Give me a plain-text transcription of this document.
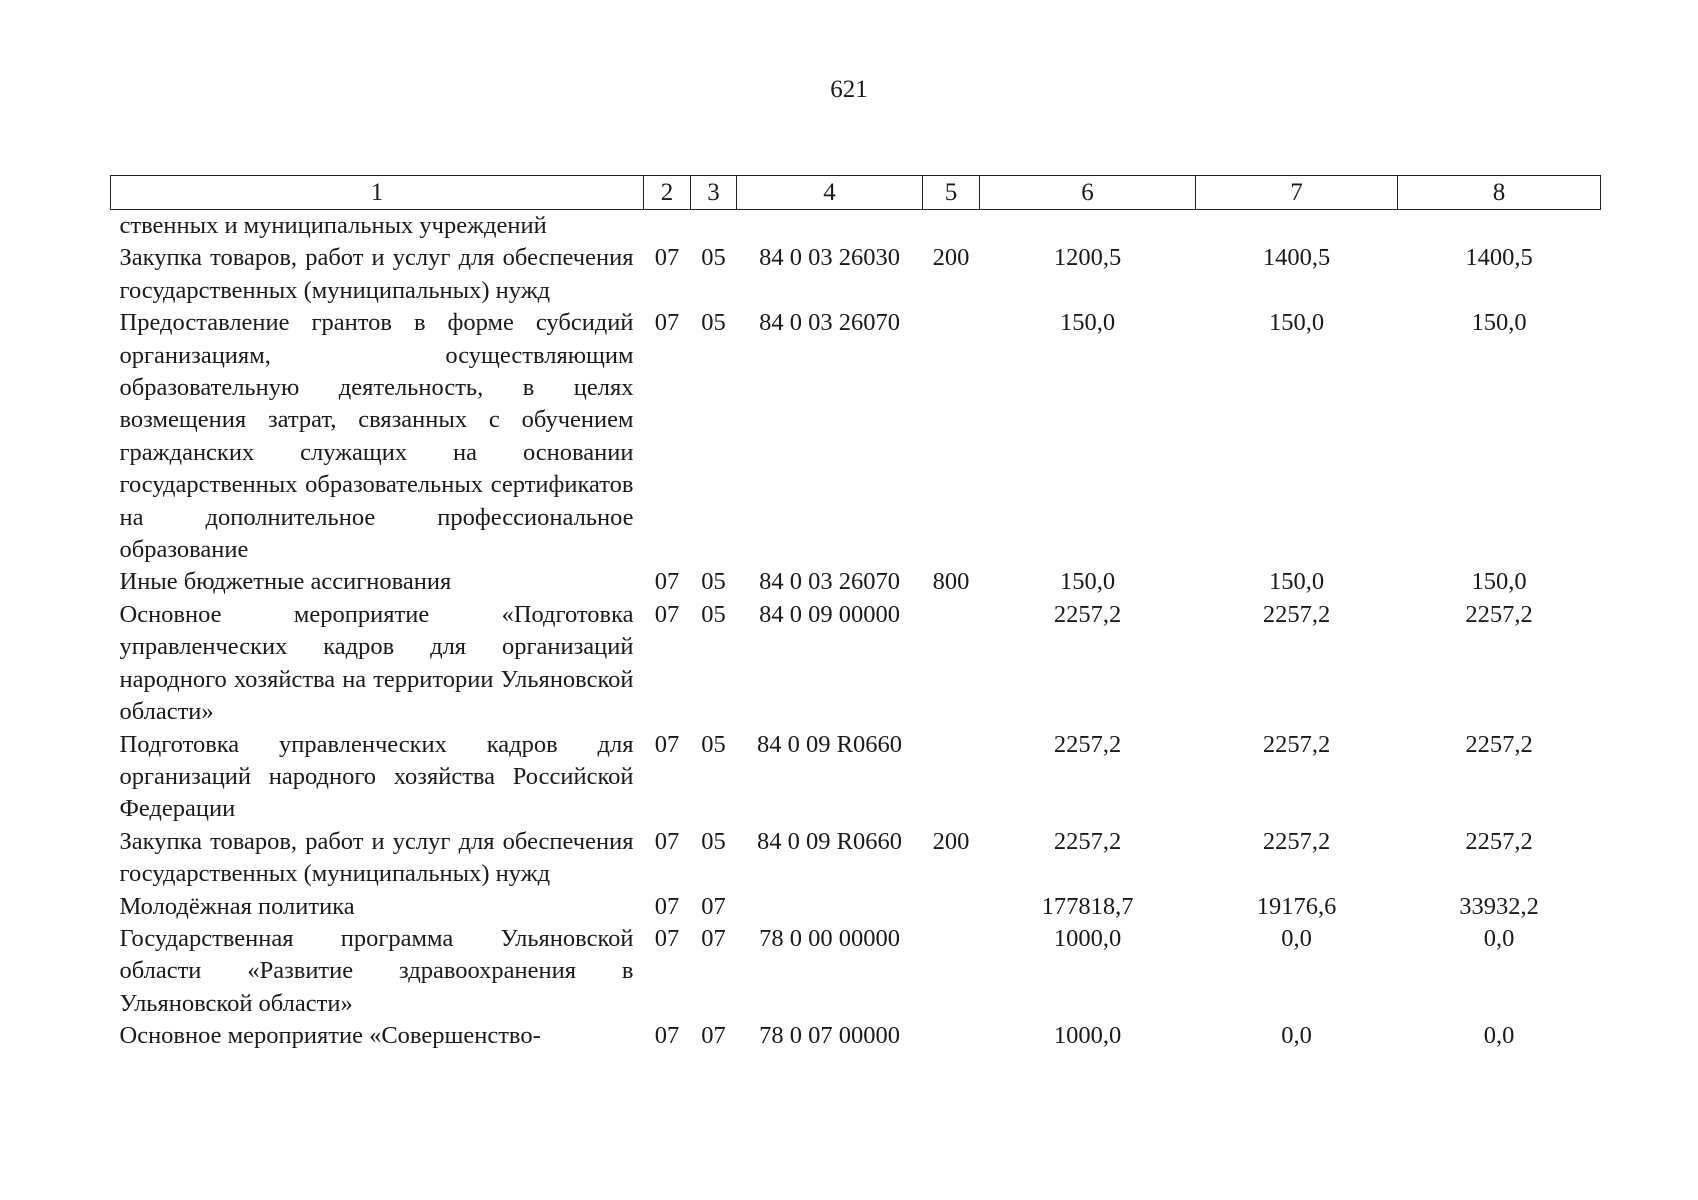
621
1	2	3	4	5	6	7	8
ственных и муниципальных учреждений							
Закупка товаров, работ и услуг для обеспечения государственных (муниципальных) нужд	07	05	84 0 03 26030	200	1200,5	1400,5	1400,5
Предоставление грантов в форме субсидий организациям, осуществляющим образовательную деятельность, в целях возмещения затрат, связанных с обучением гражданских служащих на основании государственных образовательных сертификатов на дополнительное профессиональное образование	07	05	84 0 03 26070		150,0	150,0	150,0
Иные бюджетные ассигнования	07	05	84 0 03 26070	800	150,0	150,0	150,0
Основное мероприятие «Подготовка управленческих кадров для организаций народного хозяйства на территории Ульяновской области»	07	05	84 0 09 00000		2257,2	2257,2	2257,2
Подготовка управленческих кадров для организаций народного хозяйства Российской Федерации	07	05	84 0 09 R0660		2257,2	2257,2	2257,2
Закупка товаров, работ и услуг для обеспечения государственных (муниципальных) нужд	07	05	84 0 09 R0660	200	2257,2	2257,2	2257,2
Молодёжная политика	07	07			177818,7	19176,6	33932,2
Государственная программа Ульяновской области «Развитие здравоохранения в Ульяновской области»	07	07	78 0 00 00000		1000,0	0,0	0,0
Основное мероприятие «Совершенство-	07	07	78 0 07 00000		1000,0	0,0	0,0
